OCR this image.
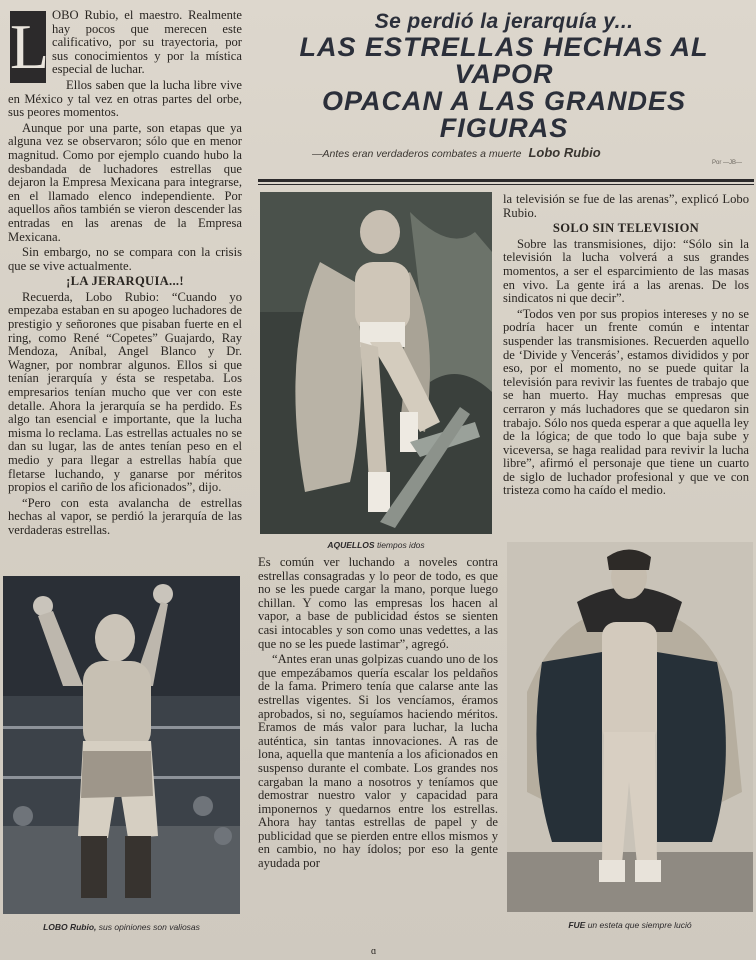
L OBO Rubio, el maestro. Realmente hay pocos que merecen este calificativo, por su trayectoria, por sus conocimientos y por la mística especial de luchar.

Ellos saben que la lucha libre vive en México y tal vez en otras partes del orbe, sus peores momentos.

Aunque por una parte, son etapas que ya alguna vez se observaron; sólo que en menor magnitud. Como por ejemplo cuando hubo la desbandada de luchadores estrellas que dejaron la Empresa Mexicana para integrarse, en el llamado elenco independiente. Por aquellos años también se vieron descender las entradas en las arenas de la Empresa Mexicana.

Sin embargo, no se compara con la crisis que se vive actualmente.

¡LA JERARQUIA...!

Recuerda, Lobo Rubio: “Cuando yo empezaba estaban en su apogeo luchadores de prestigio y señorones que pisaban fuerte en el ring, como René “Copetes” Guajardo, Ray Mendoza, Aníbal, Angel Blanco y Dr. Wagner, por nombrar algunos. Ellos si que tenían jerarquía y ésta se respetaba. Los empresarios tenían mucho que ver con este detalle. Ahora la jerarquía se ha perdido. Es algo tan esencial e importante, que la lucha misma lo reclama. Las estrellas actuales no se dan su lugar, las de antes tenían peso en el medio y para llegar a estrellas había que fletarse luchando, y ganarse por méritos propios el cariño de los aficionados”, dijo.

“Pero con esta avalancha de estrellas hechas al vapor, se perdió la jerarquía de las verdaderas estrellas.

Se perdió la jerarquía y...
LAS ESTRELLAS HECHAS AL
VAPOR
OPACAN A LAS GRANDES
FIGURAS
—Antes eran verdaderos combates a muerte Lobo Rubio
Por —JB—
AQUELLOS tiempos idos

la televisión se fue de las arenas”, explicó Lobo Rubio.

SOLO SIN TELEVISION

Sobre las transmisiones, dijo: “Sólo sin la televisión la lucha volverá a sus grandes momentos, a ser el esparcimiento de las masas en vivo. La gente irá a las arenas. De los sindicatos ni que decir”.

“Todos ven por sus propios intereses y no se podría hacer un frente común e intentar suspender las transmisiones. Recuerden aquello de ‘Divide y Vencerás’, estamos divididos y por eso, por el momento, no se puede quitar la televisión para revivir las fuentes de trabajo que se han muerto. Hay muchas empresas que cerraron y más luchadores que se quedaron sin trabajo. Sólo nos queda esperar a que aquella ley de la lógica; de que todo lo que baja sube y viceversa, se haga realidad para revivir la lucha libre”, afirmó el personaje que tiene un cuarto de siglo de luchador profesional y que ve con tristeza como ha caído el medio.

Es común ver luchando a noveles contra estrellas consagradas y lo peor de todo, es que no se les puede cargar la mano, porque luego chillan. Y como las empresas los hacen al vapor, a base de publicidad éstos se sienten casi intocables y son como unas vedettes, a las que no se les puede lastimar”, agregó.

“Antes eran unas golpizas cuando uno de los que empezábamos quería escalar los peldaños de la fama. Primero tenía que calarse ante las estrellas vigentes. Si los vencíamos, éramos aprobados, si no, seguíamos haciendo méritos. Eramos de más valor para luchar, la lucha auténtica, sin tantas innovaciones. A ras de lona, aquella que mantenía a los aficionados en suspenso durante el combate. Los grandes nos cargaban la mano a nosotros y teníamos que demostrar nuestro valor y capacidad para imponernos y quedarnos entre los estrellas. Ahora hay tantas estrellas de papel y de publicidad que se pierden entre ellos mismos y en cambio, no hay ídolos; por eso la gente ayudada por

LOBO Rubio, sus opiniones son valiosas	FUE un esteta que siempre lució
ɑ
